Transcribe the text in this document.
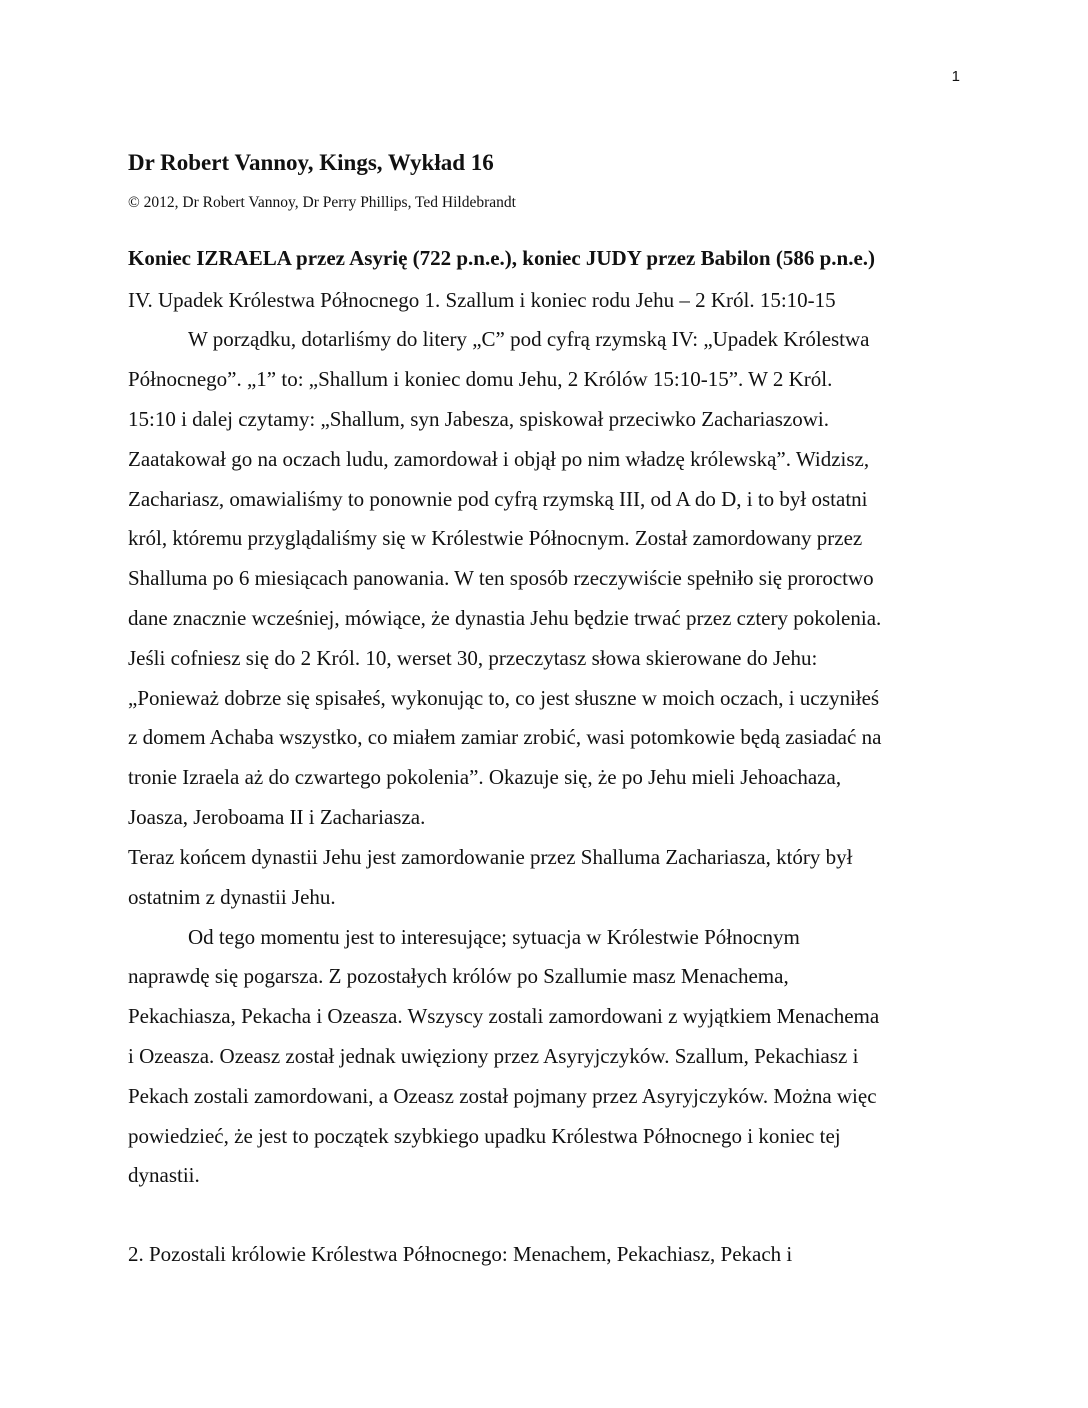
1
Dr Robert Vannoy, Kings, Wykład 16
© 2012, Dr Robert Vannoy, Dr Perry Phillips, Ted Hildebrandt
Koniec IZRAELA przez Asyrię (722 p.n.e.), koniec JUDY przez Babilon (586 p.n.e.)
IV. Upadek Królestwa Północnego 1. Szallum i koniec rodu Jehu – 2 Król. 15:10-15
W porządku, dotarliśmy do litery „C” pod cyfrą rzymską IV: „Upadek Królestwa
Północnego”. „1” to: „Shallum i koniec domu Jehu, 2 Królów 15:10-15”. W 2 Król.
15:10 i dalej czytamy: „Shallum, syn Jabesza, spiskował przeciwko Zachariaszowi.
Zaatakował go na oczach ludu, zamordował i objął po nim władzę królewską”. Widzisz,
Zachariasz, omawialiśmy to ponownie pod cyfrą rzymską III, od A do D, i to był ostatni
król, któremu przyglądaliśmy się w Królestwie Północnym. Został zamordowany przez
Shalluma po 6 miesiącach panowania. W ten sposób rzeczywiście spełniło się proroctwo
dane znacznie wcześniej, mówiące, że dynastia Jehu będzie trwać przez cztery pokolenia.
Jeśli cofniesz się do 2 Król. 10, werset 30, przeczytasz słowa skierowane do Jehu:
„Ponieważ dobrze się spisałeś, wykonując to, co jest słuszne w moich oczach, i uczyniłeś
z domem Achaba wszystko, co miałem zamiar zrobić, wasi potomkowie będą zasiadać na
tronie Izraela aż do czwartego pokolenia”. Okazuje się, że po Jehu mieli Jehoachaza,
Joasza, Jeroboama II i Zachariasza.
Teraz końcem dynastii Jehu jest zamordowanie przez Shalluma Zachariasza, który był
ostatnim z dynastii Jehu.
Od tego momentu jest to interesujące; sytuacja w Królestwie Północnym
naprawdę się pogarsza. Z pozostałych królów po Szallumie masz Menachema,
Pekachiasza, Pekacha i Ozeasza. Wszyscy zostali zamordowani z wyjątkiem Menachema
i Ozeasza. Ozeasz został jednak uwięziony przez Asyryjczyków. Szallum, Pekachiasz i
Pekach zostali zamordowani, a Ozeasz został pojmany przez Asyryjczyków. Można więc
powiedzieć, że jest to początek szybkiego upadku Królestwa Północnego i koniec tej
dynastii.
2. Pozostali królowie Królestwa Północnego: Menachem, Pekachiasz, Pekach i
